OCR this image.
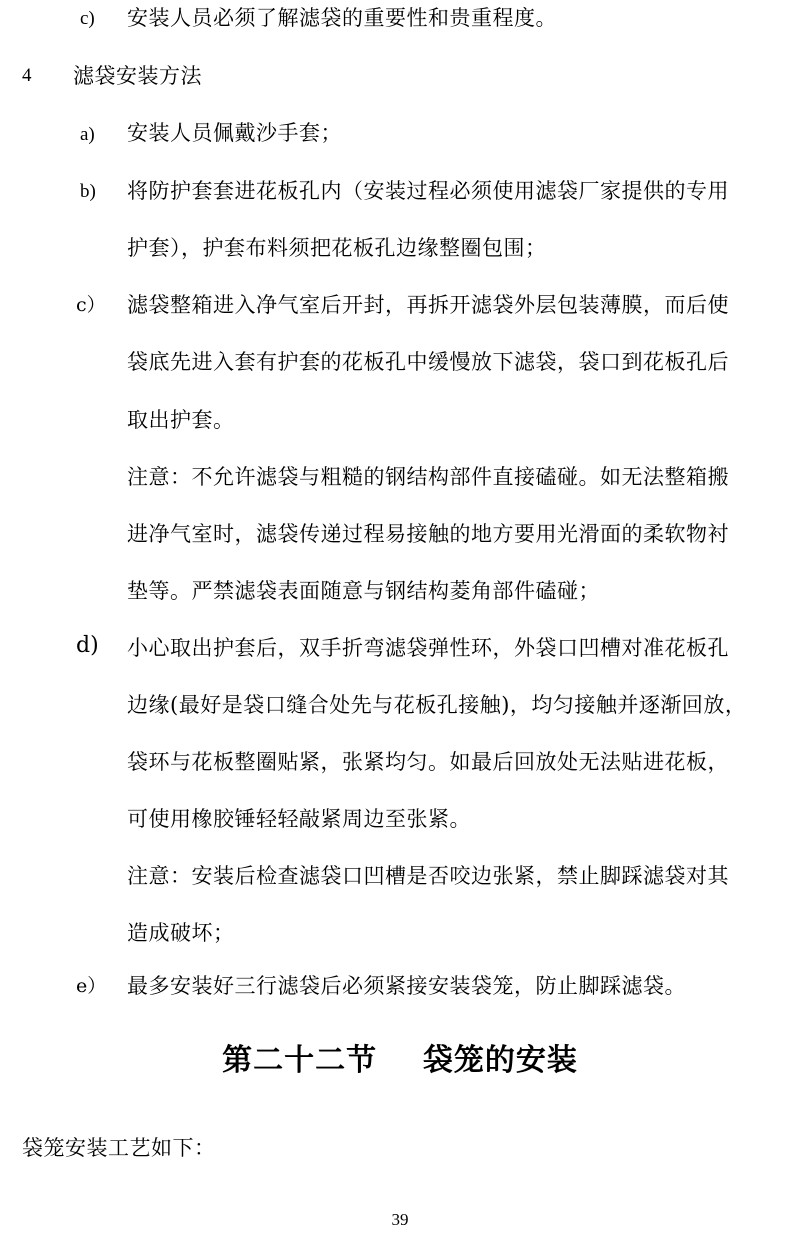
c) 安装人员必须了解滤袋的重要性和贵重程度。
4 滤袋安装方法
a) 安装人员佩戴沙手套；
b) 将防护套套进花板孔内（安装过程必须使用滤袋厂家提供的专用
护套），护套布料须把花板孔边缘整圈包围；
c） 滤袋整箱进入净气室后开封，再拆开滤袋外层包装薄膜，而后使
袋底先进入套有护套的花板孔中缓慢放下滤袋，袋口到花板孔后
取出护套。
注意：不允许滤袋与粗糙的钢结构部件直接磕碰。如无法整箱搬
进净气室时，滤袋传递过程易接触的地方要用光滑面的柔软物衬
垫等。严禁滤袋表面随意与钢结构菱角部件磕碰；
d) 小心取出护套后，双手折弯滤袋弹性环，外袋口凹槽对准花板孔
边缘(最好是袋口缝合处先与花板孔接触)，均匀接触并逐渐回放，
袋环与花板整圈贴紧，张紧均匀。如最后回放处无法贴进花板，
可使用橡胶锤轻轻敲紧周边至张紧。
注意：安装后检查滤袋口凹槽是否咬边张紧，禁止脚踩滤袋对其
造成破坏；
e） 最多安装好三行滤袋后必须紧接安装袋笼，防止脚踩滤袋。
第二十二节    袋笼的安装
袋笼安装工艺如下：
39
